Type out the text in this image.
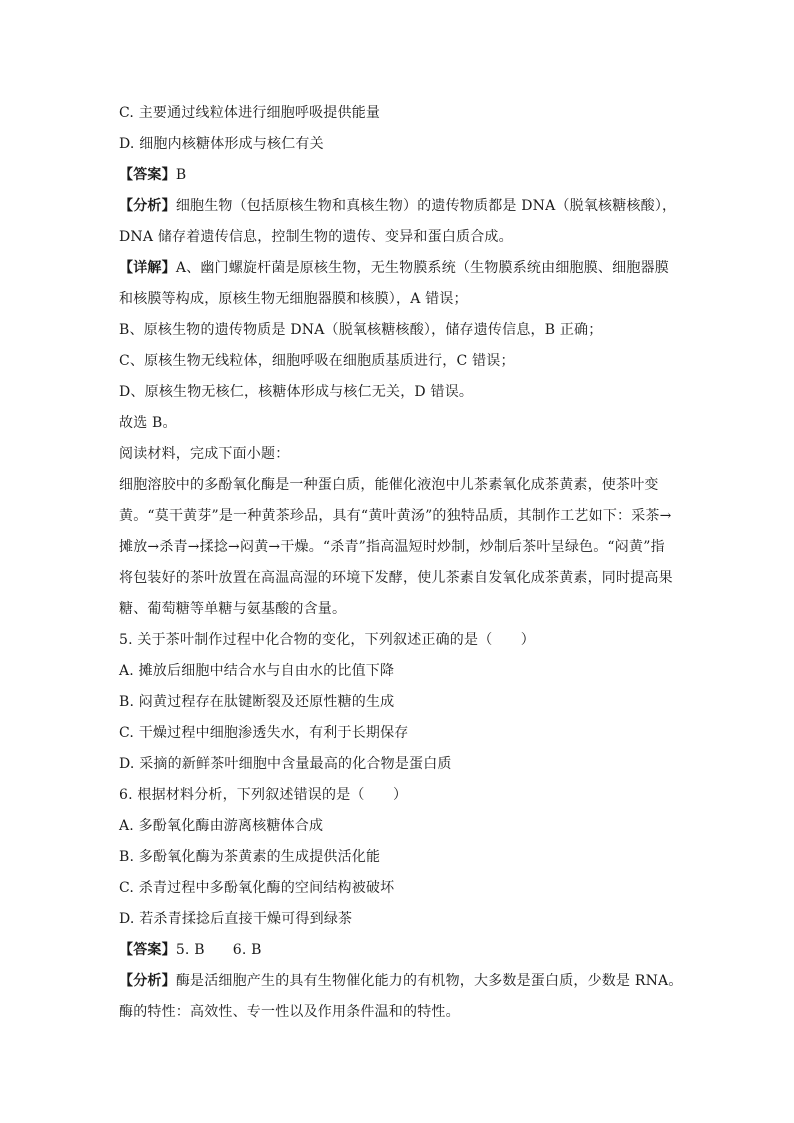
C. 主要通过线粒体进行细胞呼吸提供能量
D. 细胞内核糖体形成与核仁有关
【答案】B
【分析】细胞生物（包括原核生物和真核生物）的遗传物质都是 DNA（脱氧核糖核酸），
DNA 储存着遗传信息，控制生物的遗传、变异和蛋白质合成。
【详解】A、幽门螺旋杆菌是原核生物，无生物膜系统（生物膜系统由细胞膜、细胞器膜
和核膜等构成，原核生物无细胞器膜和核膜），A 错误；
B、原核生物的遗传物质是 DNA（脱氧核糖核酸），储存遗传信息，B 正确；
C、原核生物无线粒体，细胞呼吸在细胞质基质进行，C 错误；
D、原核生物无核仁，核糖体形成与核仁无关，D 错误。
故选 B。
阅读材料，完成下面小题：
细胞溶胶中的多酚氧化酶是一种蛋白质，能催化液泡中儿茶素氧化成茶黄素，使茶叶变
黄。“莫干黄芽”是一种黄茶珍品，具有“黄叶黄汤”的独特品质，其制作工艺如下：采茶→
摊放→杀青→揉捻→闷黄→干燥。“杀青”指高温短时炒制，炒制后茶叶呈绿色。“闷黄”指
将包装好的茶叶放置在高温高湿的环境下发酵，使儿茶素自发氧化成茶黄素，同时提高果
糖、葡萄糖等单糖与氨基酸的含量。
5. 关于茶叶制作过程中化合物的变化，下列叙述正确的是（　　）
A. 摊放后细胞中结合水与自由水的比值下降
B. 闷黄过程存在肽键断裂及还原性糖的生成
C. 干燥过程中细胞渗透失水，有利于长期保存
D. 采摘的新鲜茶叶细胞中含量最高的化合物是蛋白质
6. 根据材料分析，下列叙述错误的是（　　）
A. 多酚氧化酶由游离核糖体合成
B. 多酚氧化酶为茶黄素的生成提供活化能
C. 杀青过程中多酚氧化酶的空间结构被破坏
D. 若杀青揉捻后直接干燥可得到绿茶
【答案】5. B 6. B
【分析】酶是活细胞产生的具有生物催化能力的有机物，大多数是蛋白质，少数是 RNA。
酶的特性：高效性、专一性以及作用条件温和的特性。
